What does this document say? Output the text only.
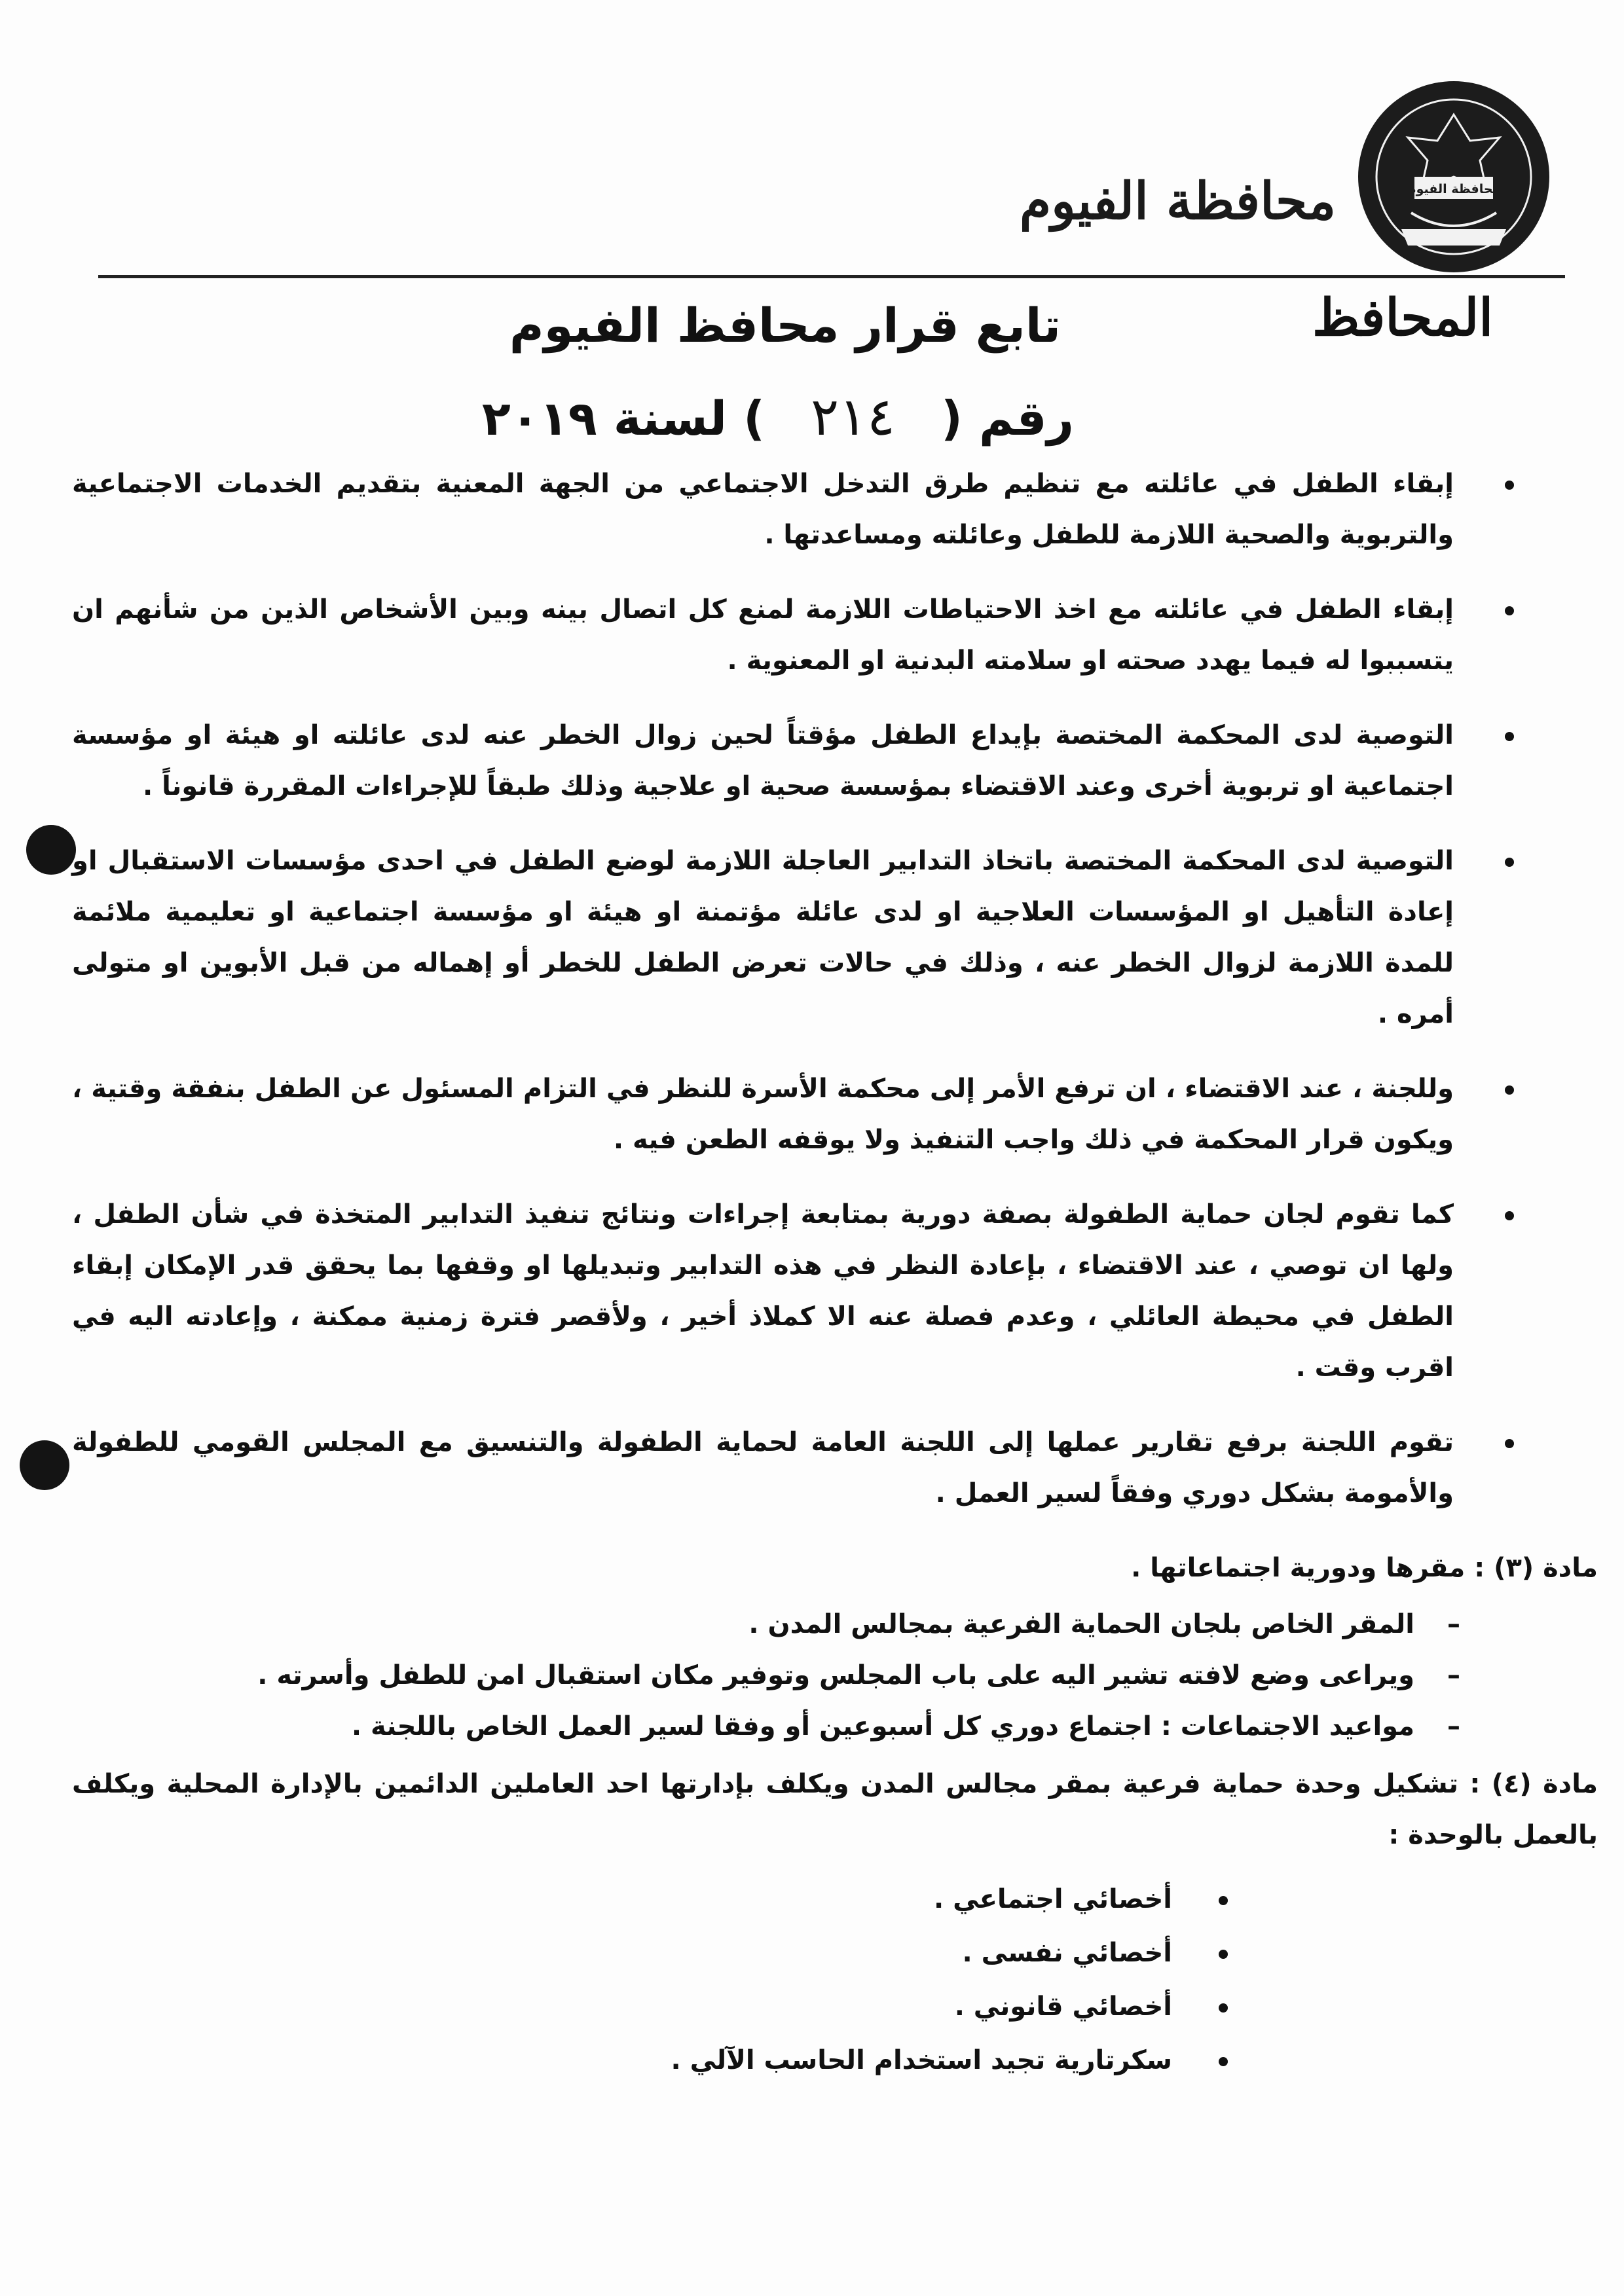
محافظة الفيوم
محافظة الفيوم
المحافظ
تابع قرار محافظ الفيوم
رقم (٢١٤) لسنة ٢٠١٩
إبقاء الطفل في عائلته مع تنظيم طرق التدخل الاجتماعي من الجهة المعنية بتقديم الخدمات الاجتماعية والتربوية والصحية اللازمة للطفل وعائلته ومساعدتها .
إبقاء الطفل في عائلته مع اخذ الاحتياطات اللازمة لمنع كل اتصال بينه وبين الأشخاص الذين من شأنهم ان يتسببوا له فيما يهدد صحته او سلامته البدنية او المعنوية .
التوصية لدى المحكمة المختصة بإيداع الطفل مؤقتاً لحين زوال الخطر عنه لدى عائلته او هيئة او مؤسسة اجتماعية او تربوية أخرى وعند الاقتضاء بمؤسسة صحية او علاجية وذلك طبقاً للإجراءات المقررة قانوناً .
التوصية لدى المحكمة المختصة باتخاذ التدابير العاجلة اللازمة لوضع الطفل في احدى مؤسسات الاستقبال او إعادة التأهيل او المؤسسات العلاجية او لدى عائلة مؤتمنة او هيئة او مؤسسة اجتماعية او تعليمية ملائمة للمدة اللازمة لزوال الخطر عنه ، وذلك في حالات تعرض الطفل للخطر أو إهماله من قبل الأبوين او متولى أمره .
وللجنة ، عند الاقتضاء ، ان ترفع الأمر إلى محكمة الأسرة للنظر في التزام المسئول عن الطفل بنفقة وقتية ، ويكون قرار المحكمة في ذلك واجب التنفيذ ولا يوقفه الطعن فيه .
كما تقوم لجان حماية الطفولة بصفة دورية بمتابعة إجراءات ونتائج تنفيذ التدابير المتخذة في شأن الطفل ، ولها ان توصي ، عند الاقتضاء ، بإعادة النظر في هذه التدابير وتبديلها او وقفها بما يحقق قدر الإمكان إبقاء الطفل في محيطة العائلي ، وعدم فصلة عنه الا كملاذ أخير ، ولأقصر فترة زمنية ممكنة ، وإعادته اليه في اقرب وقت .
تقوم اللجنة برفع تقارير عملها إلى اللجنة العامة لحماية الطفولة والتنسيق مع المجلس القومي للطفولة والأمومة بشكل دوري وفقاً لسير العمل .
مادة (٣) : مقرها ودورية اجتماعاتها .
–
المقر الخاص بلجان الحماية الفرعية بمجالس المدن .
–
ويراعى وضع لافته تشير اليه على باب المجلس وتوفير مكان استقبال امن للطفل وأسرته .
–
مواعيد الاجتماعات : اجتماع دوري كل أسبوعين أو وفقا لسير العمل الخاص باللجنة .
مادة (٤) : تشكيل وحدة حماية فرعية بمقر مجالس المدن ويكلف بإدارتها احد العاملين الدائمين بالإدارة المحلية ويكلف بالعمل بالوحدة :
أخصائي اجتماعي .
أخصائي نفسى .
أخصائي قانوني .
سكرتارية تجيد استخدام الحاسب الآلي .
